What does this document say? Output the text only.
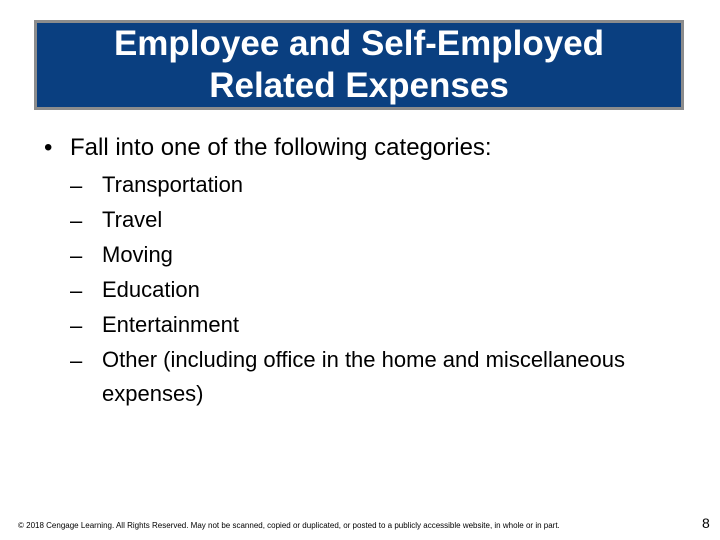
Employee and Self-Employed Related Expenses
• Fall into one of the following categories:
– Transportation
– Travel
– Moving
– Education
– Entertainment
– Other (including office in the home and miscellaneous expenses)
© 2018 Cengage Learning. All Rights Reserved. May not be scanned, copied or duplicated, or posted to a publicly accessible website, in whole or in part.	8
